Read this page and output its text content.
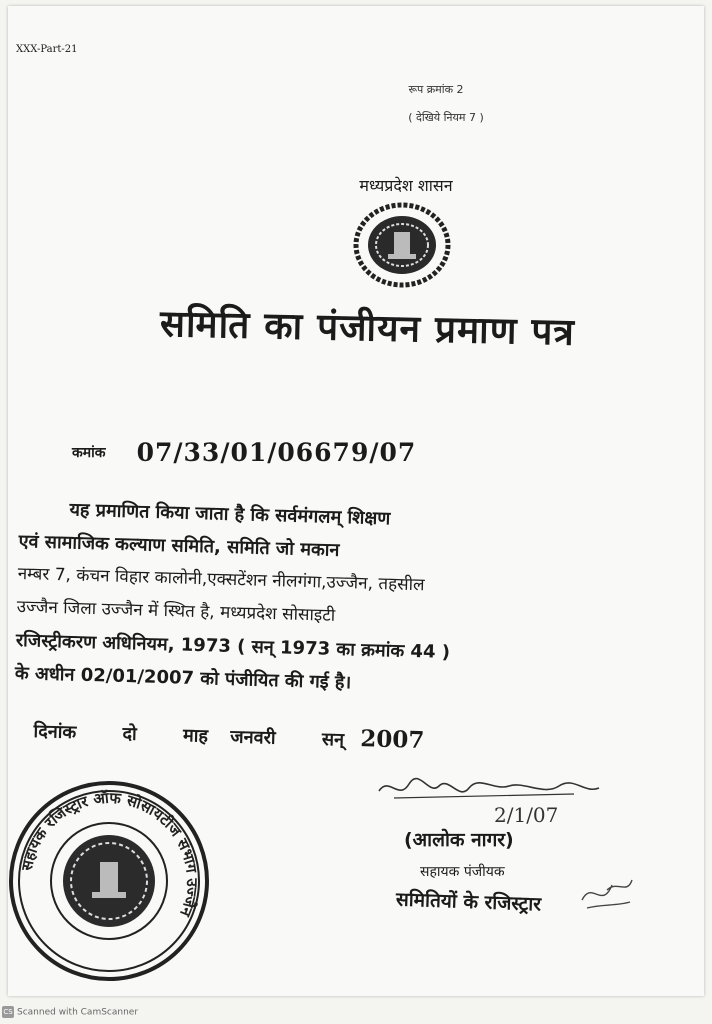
XXX-Part-21
रूप क्रमांक 2
( देखिये नियम 7 )
मध्यप्रदेश शासन
समिति का पंजीयन प्रमाण पत्र
कमांक 07/33/01/06679/07
यह प्रमाणित किया जाता है कि सर्वमंगलम् शिक्षण
एवं सामाजिक कल्याण समिति, समिति जो मकान
नम्बर 7, कंचन विहार कालोनी,एक्सटेंशन नीलगंगा,उज्जैन, तहसील
उज्जैन जिला उज्जैन में स्थित है, मध्यप्रदेश सोसाइटी
रजिस्ट्रीकरण अधिनियम, 1973 ( सन् 1973 का क्रमांक 44 )
के अधीन 02/01/2007 को पंजीयित की गई है।
दिनांक	दो	माह जनवरी	सन् 2007
2/1/07
(आलोक नागर)
सहायक पंजीयक
समितियों के रजिस्ट्रार
सहायक रजिस्ट्रार ऑफ सोसायटीज संभाग उज्जैन
CS Scanned with CamScanner
